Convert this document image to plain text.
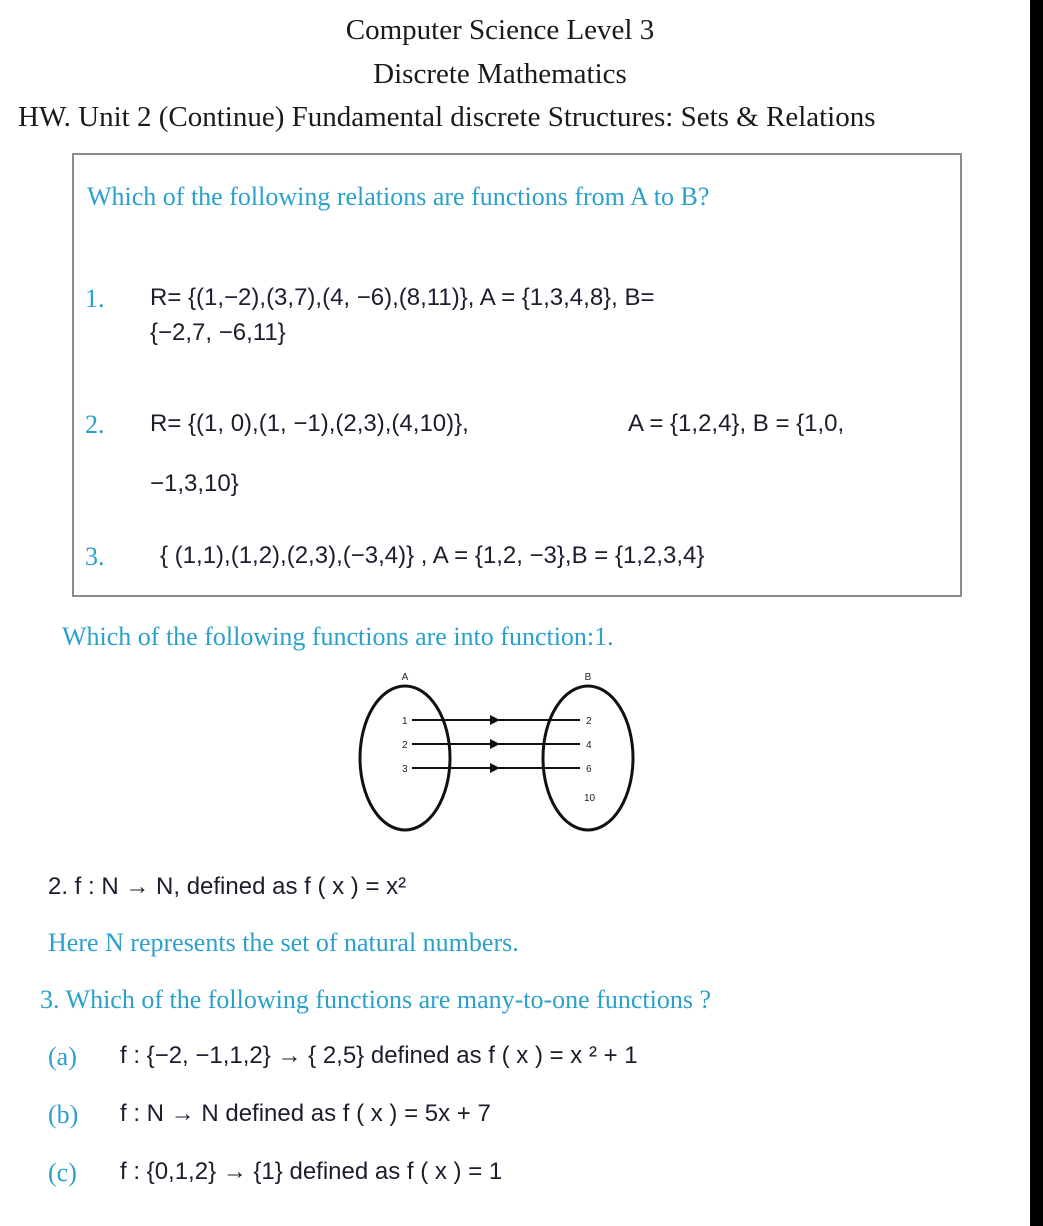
Computer Science Level 3
Discrete Mathematics
HW. Unit 2 (Continue) Fundamental discrete Structures: Sets & Relations
Which of the following relations are functions from A to B?
1. R= {(1,−2),(3,7),(4, −6),(8,11)}, A = {1,3,4,8}, B=
{−2,7, −6,11}
2. R= {(1, 0),(1, −1),(2,3),(4,10)},	A = {1,2,4}, B = {1,0,
−1,3,10}
3. { (1,1),(1,2),(2,3),(−3,4)} , A = {1,2, −3},B = {1,2,3,4}
Which of the following functions are into function:1.
A	B
1
2
3
2
4
6
10
2. f : N → N, defined as f ( x ) = x²
Here N represents the set of natural numbers.
3. Which of the following functions are many-to-one functions ?
(a) f : {−2, −1,1,2} → { 2,5} defined as f ( x ) = x ² + 1
(b) f : N → N defined as f ( x ) = 5x + 7
(c) f : {0,1,2} → {1} defined as f ( x ) = 1
